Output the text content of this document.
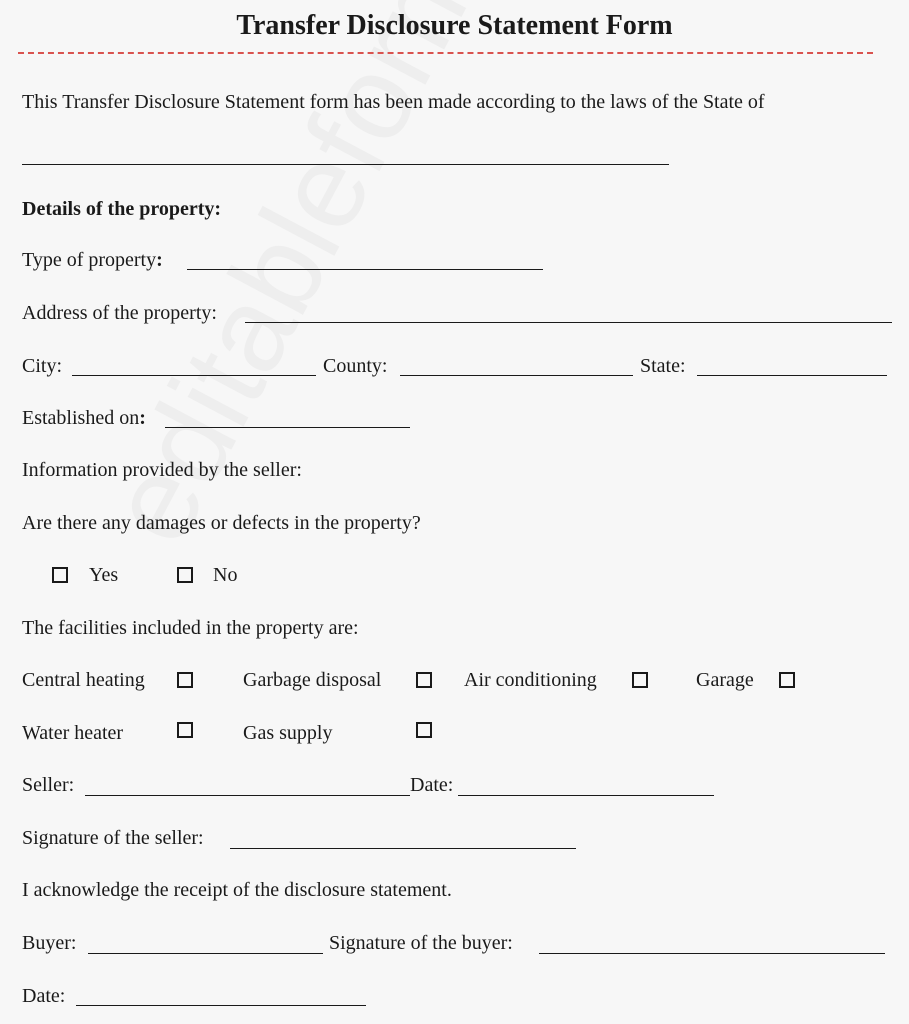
Transfer Disclosure Statement Form
This Transfer Disclosure Statement form has been made according to the laws of the State of
Details of the property:
Type of property:
Address of the property:
City:	County:	State:
Established on:
Information provided by the seller:
Are there any damages or defects in the property?
Yes	No
The facilities included in the property are:
Central heating	Garbage disposal	Air conditioning	Garage
Water heater	Gas supply
Seller:	Date:
Signature of the seller:
I acknowledge the receipt of the disclosure statement.
Buyer:	Signature of the buyer:
Date:
